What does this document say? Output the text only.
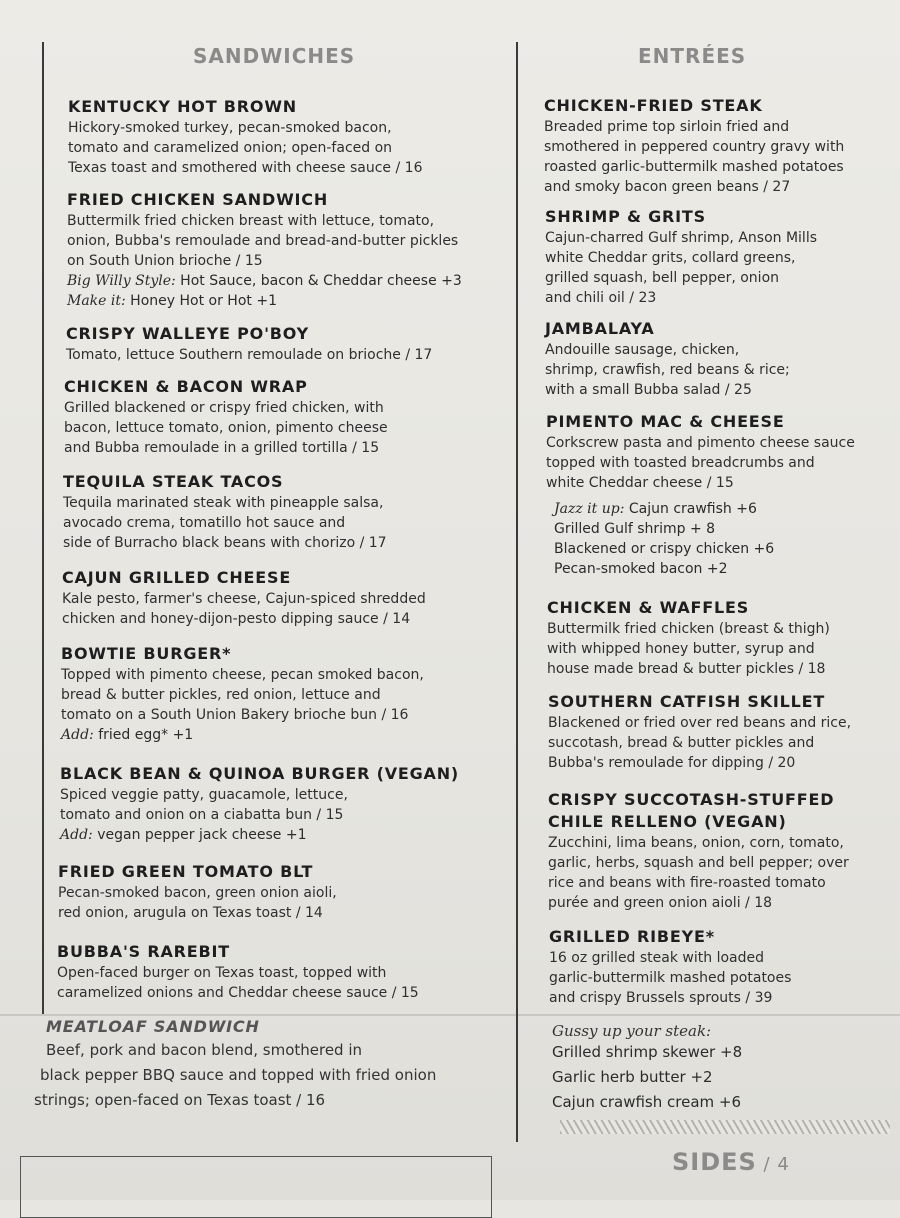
SANDWICHES
KENTUCKY HOT BROWN
Hickory-smoked turkey, pecan-smoked bacon,
tomato and caramelized onion; open-faced on
Texas toast and smothered with cheese sauce / 16
FRIED CHICKEN SANDWICH
Buttermilk fried chicken breast with lettuce, tomato,
onion, Bubba's remoulade and bread-and-butter pickles
on South Union brioche / 15
Big Willy Style: Hot Sauce, bacon & Cheddar cheese +3
Make it: Honey Hot or Hot +1
CRISPY WALLEYE PO'BOY
Tomato, lettuce Southern remoulade on brioche / 17
CHICKEN & BACON WRAP
Grilled blackened or crispy fried chicken, with
bacon, lettuce tomato, onion, pimento cheese
and Bubba remoulade in a grilled tortilla / 15
TEQUILA STEAK TACOS
Tequila marinated steak with pineapple salsa,
avocado crema, tomatillo hot sauce and
side of Burracho black beans with chorizo / 17
CAJUN GRILLED CHEESE
Kale pesto, farmer's cheese, Cajun-spiced shredded
chicken and honey-dijon-pesto dipping sauce / 14
BOWTIE BURGER*
Topped with pimento cheese, pecan smoked bacon,
bread & butter pickles, red onion, lettuce and
tomato on a South Union Bakery brioche bun / 16
Add: fried egg* +1
BLACK BEAN & QUINOA BURGER (VEGAN)
Spiced veggie patty, guacamole, lettuce,
tomato and onion on a ciabatta bun / 15
Add: vegan pepper jack cheese +1
FRIED GREEN TOMATO BLT
Pecan-smoked bacon, green onion aioli,
red onion, arugula on Texas toast / 14
BUBBA'S RAREBIT
Open-faced burger on Texas toast, topped with
caramelized onions and Cheddar cheese sauce / 15
MEATLOAF SANDWICH
Beef, pork and bacon blend, smothered in
black pepper BBQ sauce and topped with fried onion
strings; open-faced on Texas toast / 16
ENTRÉES
CHICKEN-FRIED STEAK
Breaded prime top sirloin fried and
smothered in peppered country gravy with
roasted garlic-buttermilk mashed potatoes
and smoky bacon green beans / 27
SHRIMP & GRITS
Cajun-charred Gulf shrimp, Anson Mills
white Cheddar grits, collard greens,
grilled squash, bell pepper, onion
and chili oil / 23
JAMBALAYA
Andouille sausage, chicken,
shrimp, crawfish, red beans & rice;
with a small Bubba salad / 25
PIMENTO MAC & CHEESE
Corkscrew pasta and pimento cheese sauce
topped with toasted breadcrumbs and
white Cheddar cheese / 15
Jazz it up: Cajun crawfish +6
Grilled Gulf shrimp + 8
Blackened or crispy chicken +6
Pecan-smoked bacon +2
CHICKEN & WAFFLES
Buttermilk fried chicken (breast & thigh)
with whipped honey butter, syrup and
house made bread & butter pickles / 18
SOUTHERN CATFISH SKILLET
Blackened or fried over red beans and rice,
succotash, bread & butter pickles and
Bubba's remoulade for dipping / 20
CRISPY SUCCOTASH-STUFFED
CHILE RELLENO (VEGAN)
Zucchini, lima beans, onion, corn, tomato,
garlic, herbs, squash and bell pepper; over
rice and beans with fire-roasted tomato
purée and green onion aioli / 18
GRILLED RIBEYE*
16 oz grilled steak with loaded
garlic-buttermilk mashed potatoes
and crispy Brussels sprouts / 39
Gussy up your steak:
Grilled shrimp skewer +8
Garlic herb butter +2
Cajun crawfish cream +6
SIDES / 4
